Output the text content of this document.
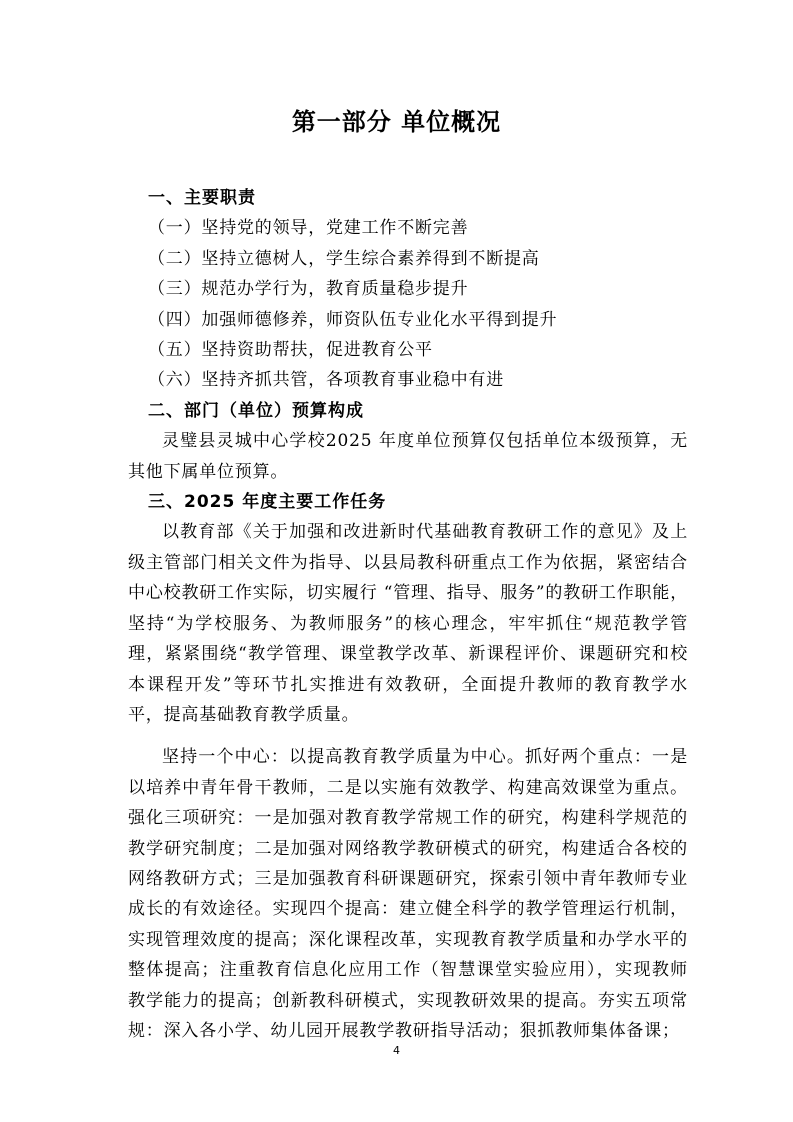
第一部分 单位概况
一、主要职责
（一）坚持党的领导，党建工作不断完善
（二）坚持立德树人，学生综合素养得到不断提高
（三）规范办学行为，教育质量稳步提升
（四）加强师德修养，师资队伍专业化水平得到提升
（五）坚持资助帮扶，促进教育公平
（六）坚持齐抓共管，各项教育事业稳中有进
二、部门（单位）预算构成
灵璧县灵城中心学校2025 年度单位预算仅包括单位本级预算，无其他下属单位预算。
三、2025 年度主要工作任务
以教育部《关于加强和改进新时代基础教育教研工作的意见》及上级主管部门相关文件为指导、以县局教科研重点工作为依据，紧密结合中心校教研工作实际，切实履行 “管理、指导、服务”的教研工作职能，坚持“为学校服务、为教师服务”的核心理念，牢牢抓住“规范教学管理，紧紧围绕“教学管理、课堂教学改革、新课程评价、课题研究和校本课程开发”等环节扎实推进有效教研，全面提升教师的教育教学水平，提高基础教育教学质量。
坚持一个中心：以提高教育教学质量为中心。抓好两个重点：一是以培养中青年骨干教师，二是以实施有效教学、构建高效课堂为重点。强化三项研究：一是加强对教育教学常规工作的研究，构建科学规范的教学研究制度；二是加强对网络教学教研模式的研究，构建适合各校的网络教研方式；三是加强教育科研课题研究，探索引领中青年教师专业成长的有效途径。实现四个提高：建立健全科学的教学管理运行机制，实现管理效度的提高；深化课程改革，实现教育教学质量和办学水平的整体提高；注重教育信息化应用工作（智慧课堂实验应用），实现教师教学能力的提高；创新教科研模式，实现教研效果的提高。夯实五项常规：深入各小学、幼儿园开展教学教研指导活动；狠抓教师集体备课；
4
